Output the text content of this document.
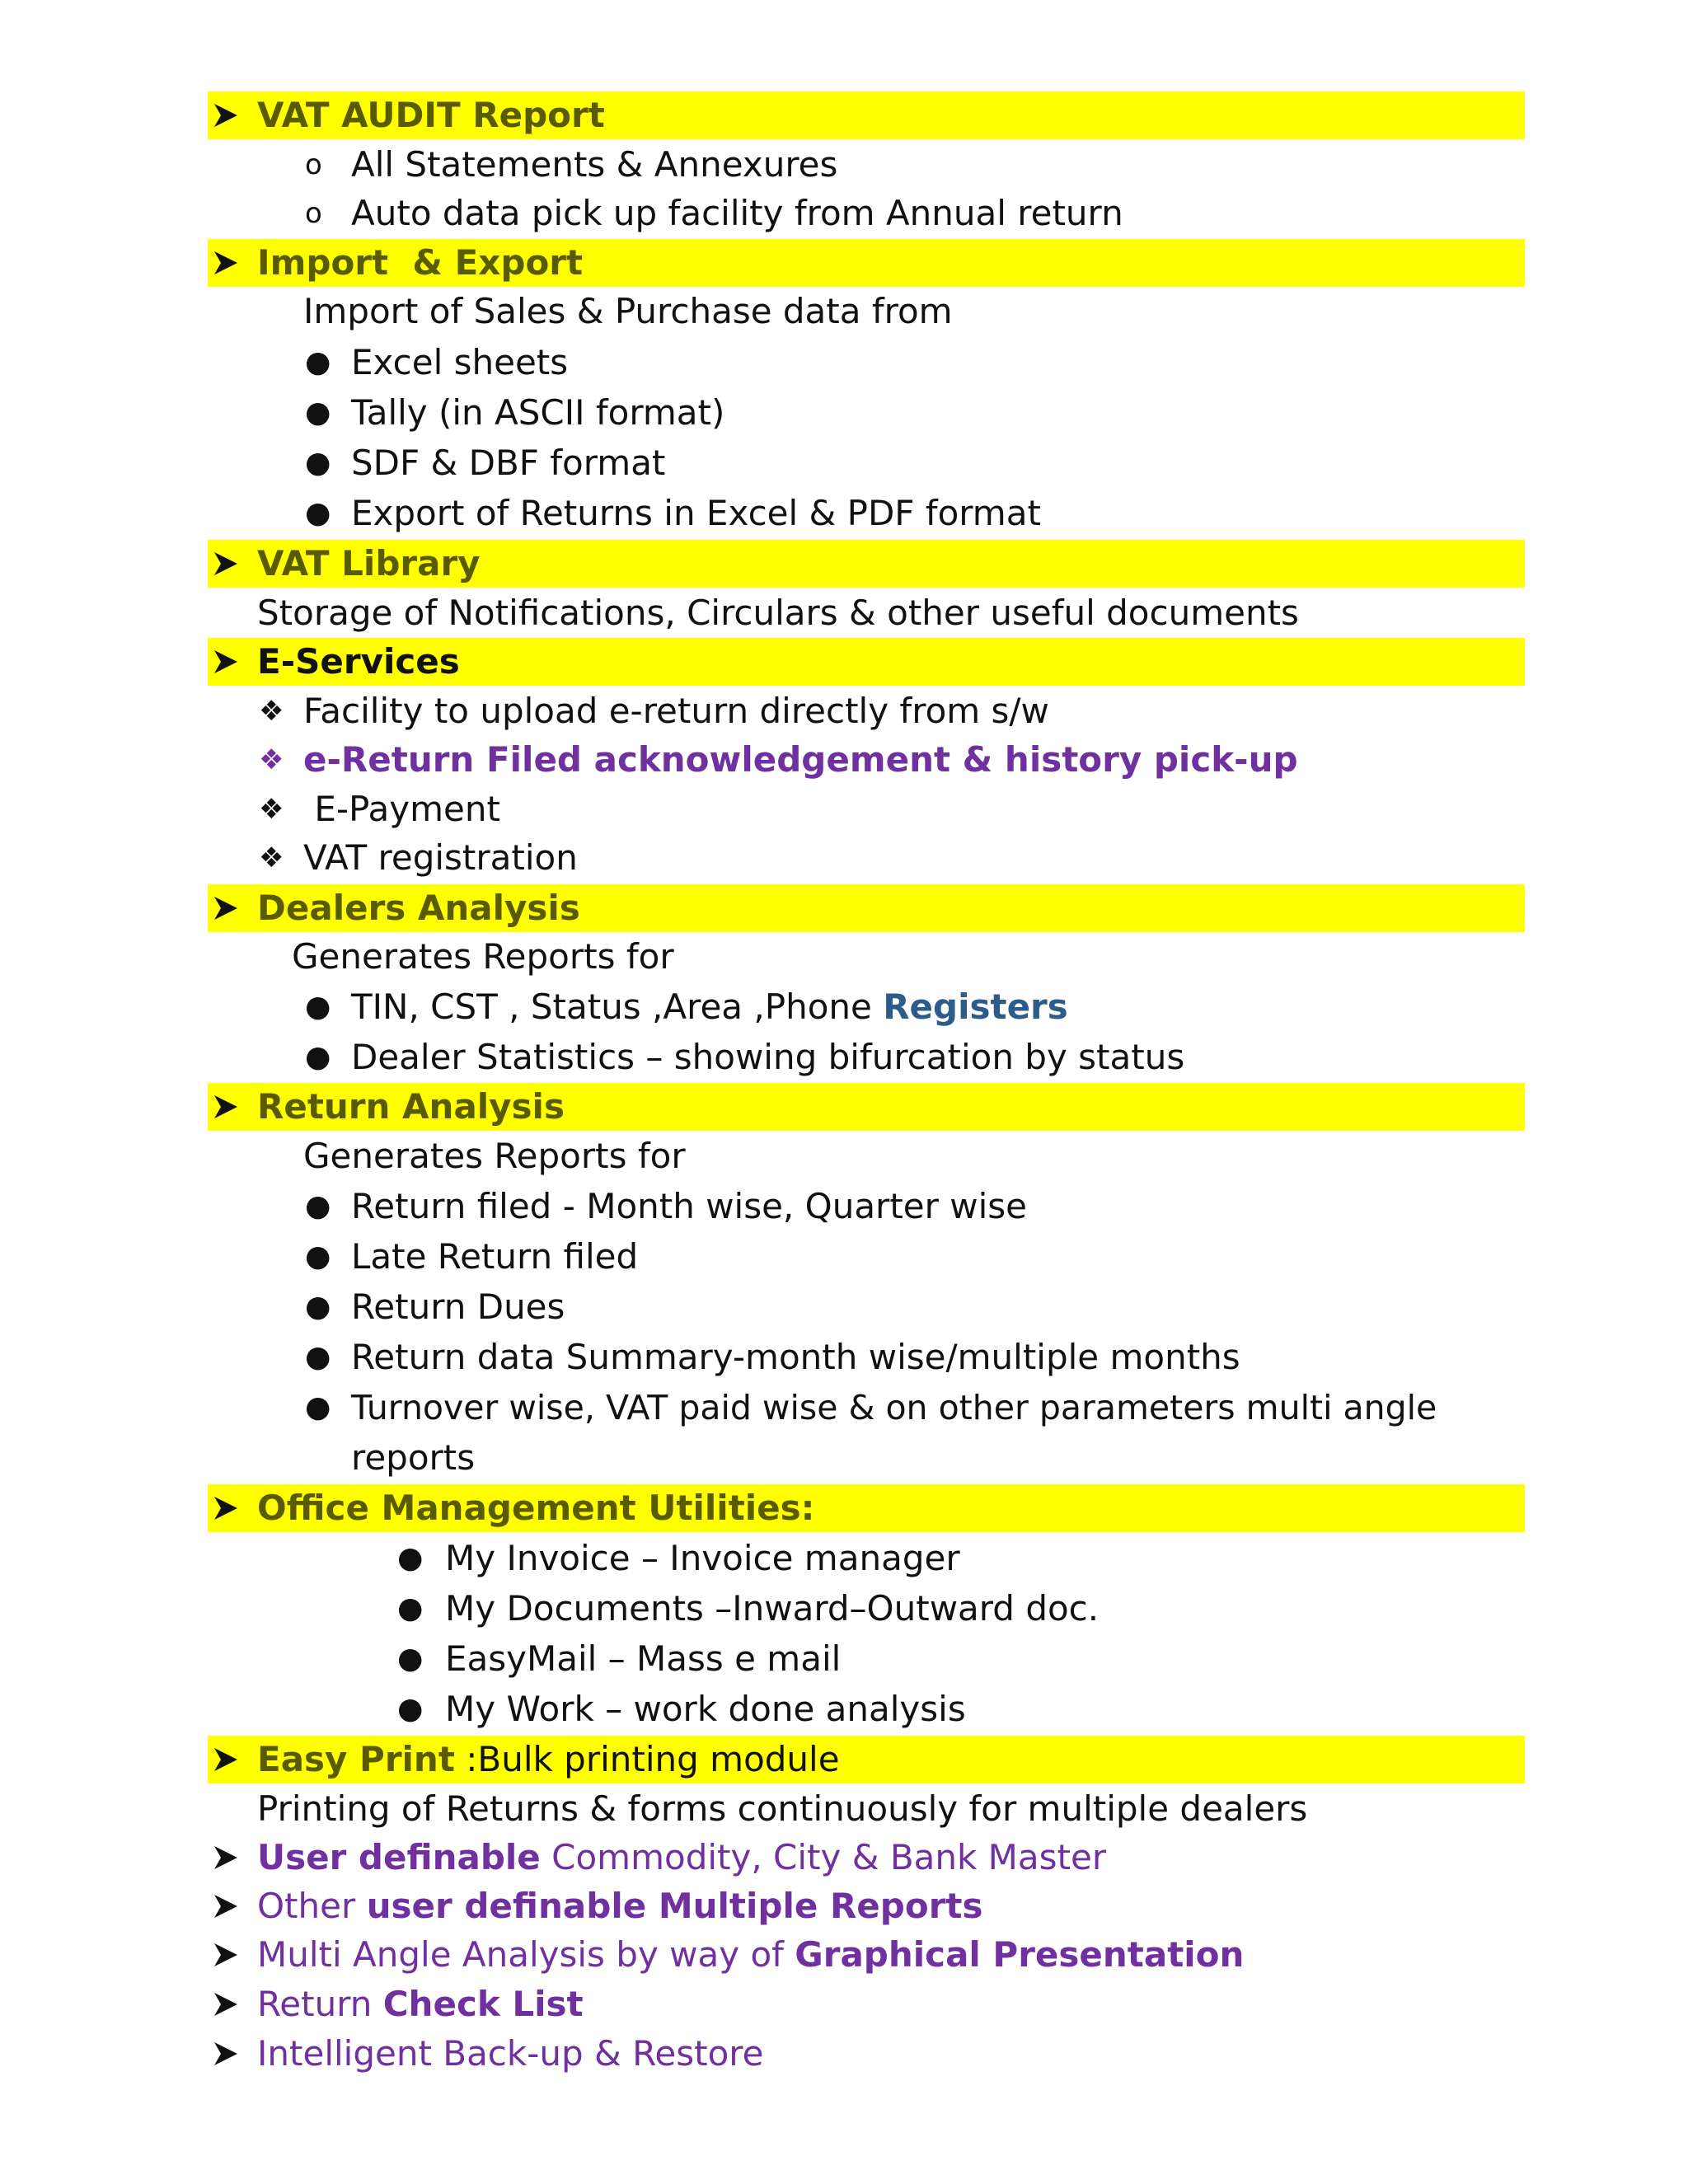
VAT AUDIT Report
o All Statements & Annexures
o Auto data pick up facility from Annual return
Import  & Export
Import of Sales & Purchase data from
● Excel sheets
● Tally (in ASCII format)
● SDF & DBF format
● Export of Returns in Excel & PDF format
VAT Library
Storage of Notifications, Circulars & other useful documents
E-Services
❖ Facility to upload e-return directly from s/w
❖ e-Return Filed acknowledgement & history pick-up
❖ E-Payment
❖ VAT registration
Dealers Analysis
Generates Reports for
● TIN, CST , Status ,Area ,Phone Registers
● Dealer Statistics – showing bifurcation by status
Return Analysis
Generates Reports for
● Return filed - Month wise, Quarter wise
● Late Return filed
● Return Dues
● Return data Summary-month wise/multiple months
● Turnover wise, VAT paid wise & on other parameters multi angle
reports
Office Management Utilities:
● My Invoice – Invoice manager
● My Documents –Inward–Outward doc.
● EasyMail – Mass e mail
● My Work – work done analysis
Easy Print :Bulk printing module
Printing of Returns & forms continuously for multiple dealers
User definable Commodity, City & Bank Master
Other user definable Multiple Reports
Multi Angle Analysis by way of Graphical Presentation
Return Check List
Intelligent Back-up & Restore
